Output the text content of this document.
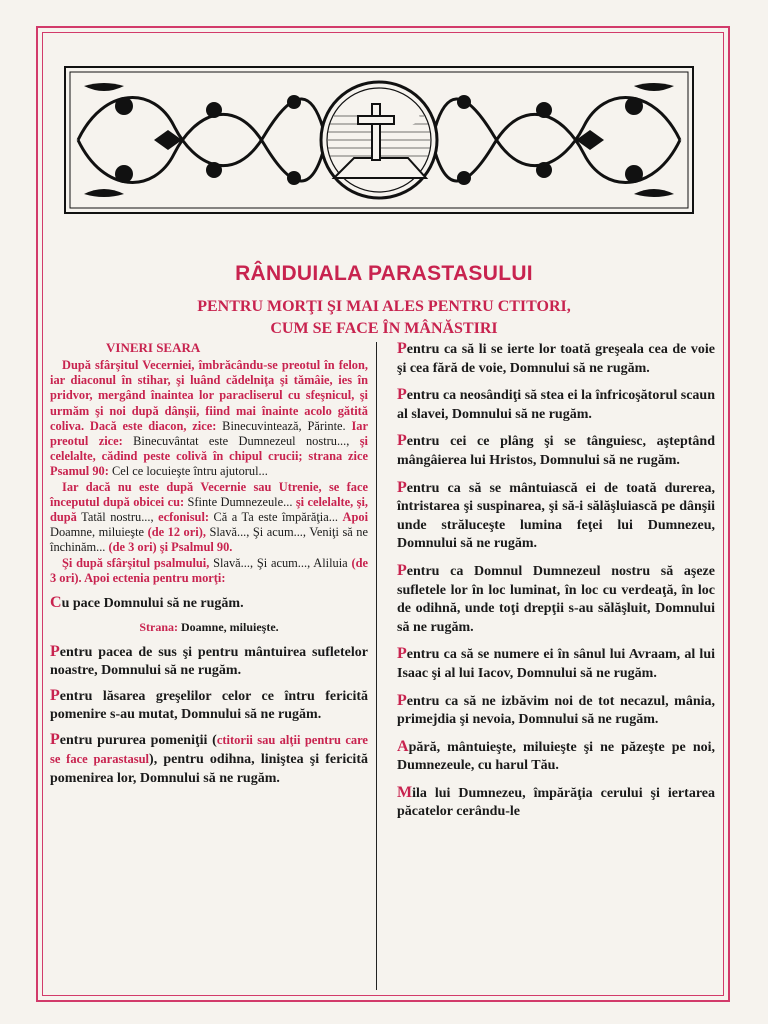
RÂNDUIALA PARASTASULUI

PENTRU MORŢI ŞI MAI ALES PENTRU CTITORI,

CUM SE FACE ÎN MÂNĂSTIRI

VINERI SEARA

După sfârşitul Vecerniei, îmbrăcându-se preotul în felon, iar diaconul în stihar, şi luând cădelniţa şi tămâie, ies în pridvor, mergând înaintea lor paracliserul cu sfeşnicul, şi urmăm şi noi după dânşii, fiind mai înainte acolo gătită coliva. Dacă este diacon, zice: Binecuvintează, Părinte. Iar preotul zice: Binecuvântat este Dumnezeul nostru..., şi celelalte, cădind peste colivă în chipul crucii; strana zice Psamul 90: Cel ce locuieşte întru ajutorul...

Iar dacă nu este după Vecernie sau Utrenie, se face începutul după obicei cu: Sfinte Dumnezeule... şi celelalte, şi, după Tatăl nostru..., ecfonisul: Că a Ta este împărăţia... Apoi Doamne, miluieşte (de 12 ori), Slavă..., Şi acum..., Veniţi să ne închinăm... (de 3 ori) şi Psalmul 90.

Şi după sfârşitul psalmului, Slavă..., Şi acum..., Aliluia (de 3 ori). Apoi ectenia pentru morţi:

Cu pace Domnului să ne rugăm.

Strana: Doamne, miluieşte.

Pentru pacea de sus şi pentru mântuirea sufletelor noastre, Domnului să ne rugăm.

Pentru lăsarea greşelilor celor ce întru fericită pomenire s-au mutat, Domnului să ne rugăm.

Pentru pururea pomeniţii (ctitorii sau alţii pentru care se face parastasul), pentru odihna, liniştea şi fericită pomenirea lor, Domnului să ne rugăm.

Pentru ca să li se ierte lor toată greşeala cea de voie şi cea fără de voie, Domnului să ne rugăm.

Pentru ca neosândiţi să stea ei la înfricoşătorul scaun al slavei, Domnului să ne rugăm.

Pentru cei ce plâng şi se tânguiesc, aşteptând mângâierea lui Hristos, Domnului să ne rugăm.

Pentru ca să se mântuiască ei de toată durerea, întristarea şi suspinarea, şi să-i sălăşluiască pe dânşii unde străluceşte lumina feţei lui Dumnezeu, Domnului să ne rugăm.

Pentru ca Domnul Dumnezeul nostru să aşeze sufletele lor în loc luminat, în loc cu verdeaţă, în loc de odihnă, unde toţi drepţii s-au sălăşluit, Domnului să ne rugăm.

Pentru ca să se numere ei în sânul lui Avraam, al lui Isaac şi al lui Iacov, Domnului să ne rugăm.

Pentru ca să ne izbăvim noi de tot necazul, mânia, primejdia şi nevoia, Domnului să ne rugăm.

Apără, mântuieşte, miluieşte şi ne păzeşte pe noi, Dumnezeule, cu harul Tău.

Mila lui Dumnezeu, împărăţia cerului şi iertarea păcatelor cerându-le
